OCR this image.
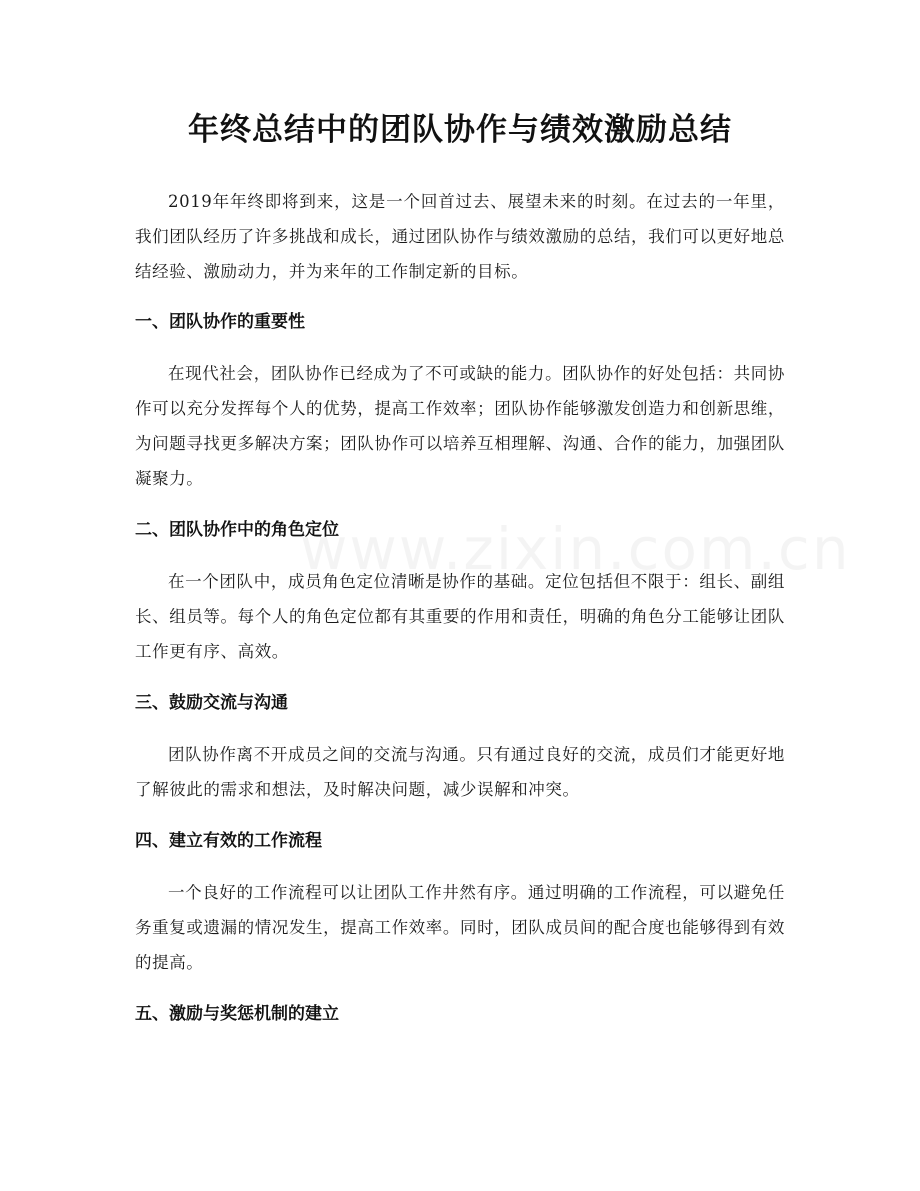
年终总结中的团队协作与绩效激励总结

2019年年终即将到来，这是一个回首过去、展望未来的时刻。在过去的一年里，我们团队经历了许多挑战和成长，通过团队协作与绩效激励的总结，我们可以更好地总结经验、激励动力，并为来年的工作制定新的目标。

一、团队协作的重要性

在现代社会，团队协作已经成为了不可或缺的能力。团队协作的好处包括：共同协作可以充分发挥每个人的优势，提高工作效率；团队协作能够激发创造力和创新思维，为问题寻找更多解决方案；团队协作可以培养互相理解、沟通、合作的能力，加强团队凝聚力。

二、团队协作中的角色定位

在一个团队中，成员角色定位清晰是协作的基础。定位包括但不限于：组长、副组长、组员等。每个人的角色定位都有其重要的作用和责任，明确的角色分工能够让团队工作更有序、高效。

三、鼓励交流与沟通

团队协作离不开成员之间的交流与沟通。只有通过良好的交流，成员们才能更好地了解彼此的需求和想法，及时解决问题，减少误解和冲突。

四、建立有效的工作流程

一个良好的工作流程可以让团队工作井然有序。通过明确的工作流程，可以避免任务重复或遗漏的情况发生，提高工作效率。同时，团队成员间的配合度也能够得到有效的提高。

五、激励与奖惩机制的建立
